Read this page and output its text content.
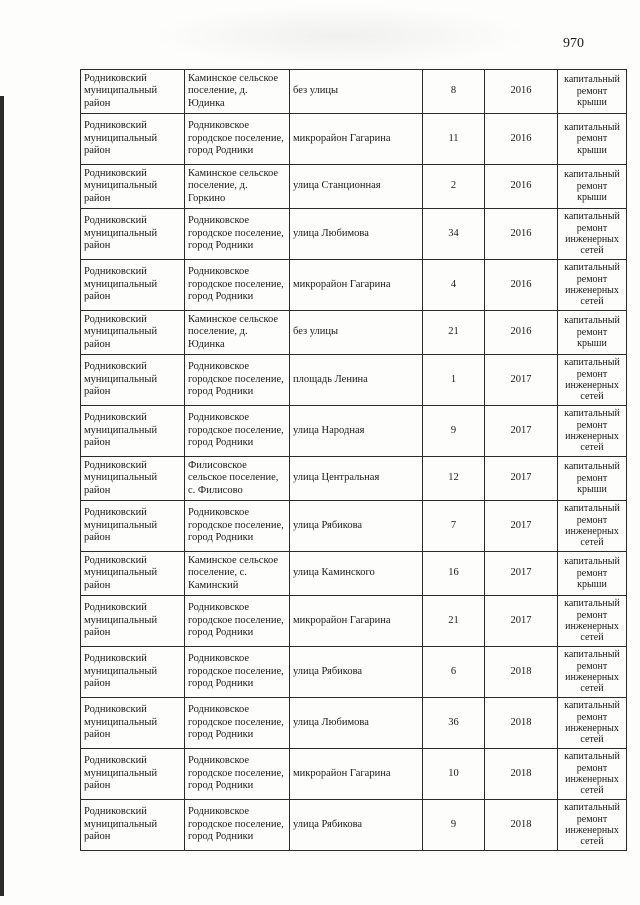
970
Родниковский муниципальный район	Каминское сельское поселение, д. Юдинка	без улицы	8	2016	капитальный ремонт крыши
Родниковский муниципальный район	Родниковское городское поселение, город Родники	микрорайон Гагарина	11	2016	капитальный ремонт крыши
Родниковский муниципальный район	Каминское сельское поселение, д. Горкино	улица Станционная	2	2016	капитальный ремонт крыши
Родниковский муниципальный район	Родниковское городское поселение, город Родники	улица Любимова	34	2016	капитальный ремонт инженерных сетей
Родниковский муниципальный район	Родниковское городское поселение, город Родники	микрорайон Гагарина	4	2016	капитальный ремонт инженерных сетей
Родниковский муниципальный район	Каминское сельское поселение, д. Юдинка	без улицы	21	2016	капитальный ремонт крыши
Родниковский муниципальный район	Родниковское городское поселение, город Родники	площадь Ленина	1	2017	капитальный ремонт инженерных сетей
Родниковский муниципальный район	Родниковское городское поселение, город Родники	улица Народная	9	2017	капитальный ремонт инженерных сетей
Родниковский муниципальный район	Филисовское сельское поселение, с. Филисово	улица Центральная	12	2017	капитальный ремонт крыши
Родниковский муниципальный район	Родниковское городское поселение, город Родники	улица Рябикова	7	2017	капитальный ремонт инженерных сетей
Родниковский муниципальный район	Каминское сельское поселение, с. Каминский	улица Каминского	16	2017	капитальный ремонт крыши
Родниковский муниципальный район	Родниковское городское поселение, город Родники	микрорайон Гагарина	21	2017	капитальный ремонт инженерных сетей
Родниковский муниципальный район	Родниковское городское поселение, город Родники	улица Рябикова	6	2018	капитальный ремонт инженерных сетей
Родниковский муниципальный район	Родниковское городское поселение, город Родники	улица Любимова	36	2018	капитальный ремонт инженерных сетей
Родниковский муниципальный район	Родниковское городское поселение, город Родники	микрорайон Гагарина	10	2018	капитальный ремонт инженерных сетей
Родниковский муниципальный район	Родниковское городское поселение, город Родники	улица Рябикова	9	2018	капитальный ремонт инженерных сетей
